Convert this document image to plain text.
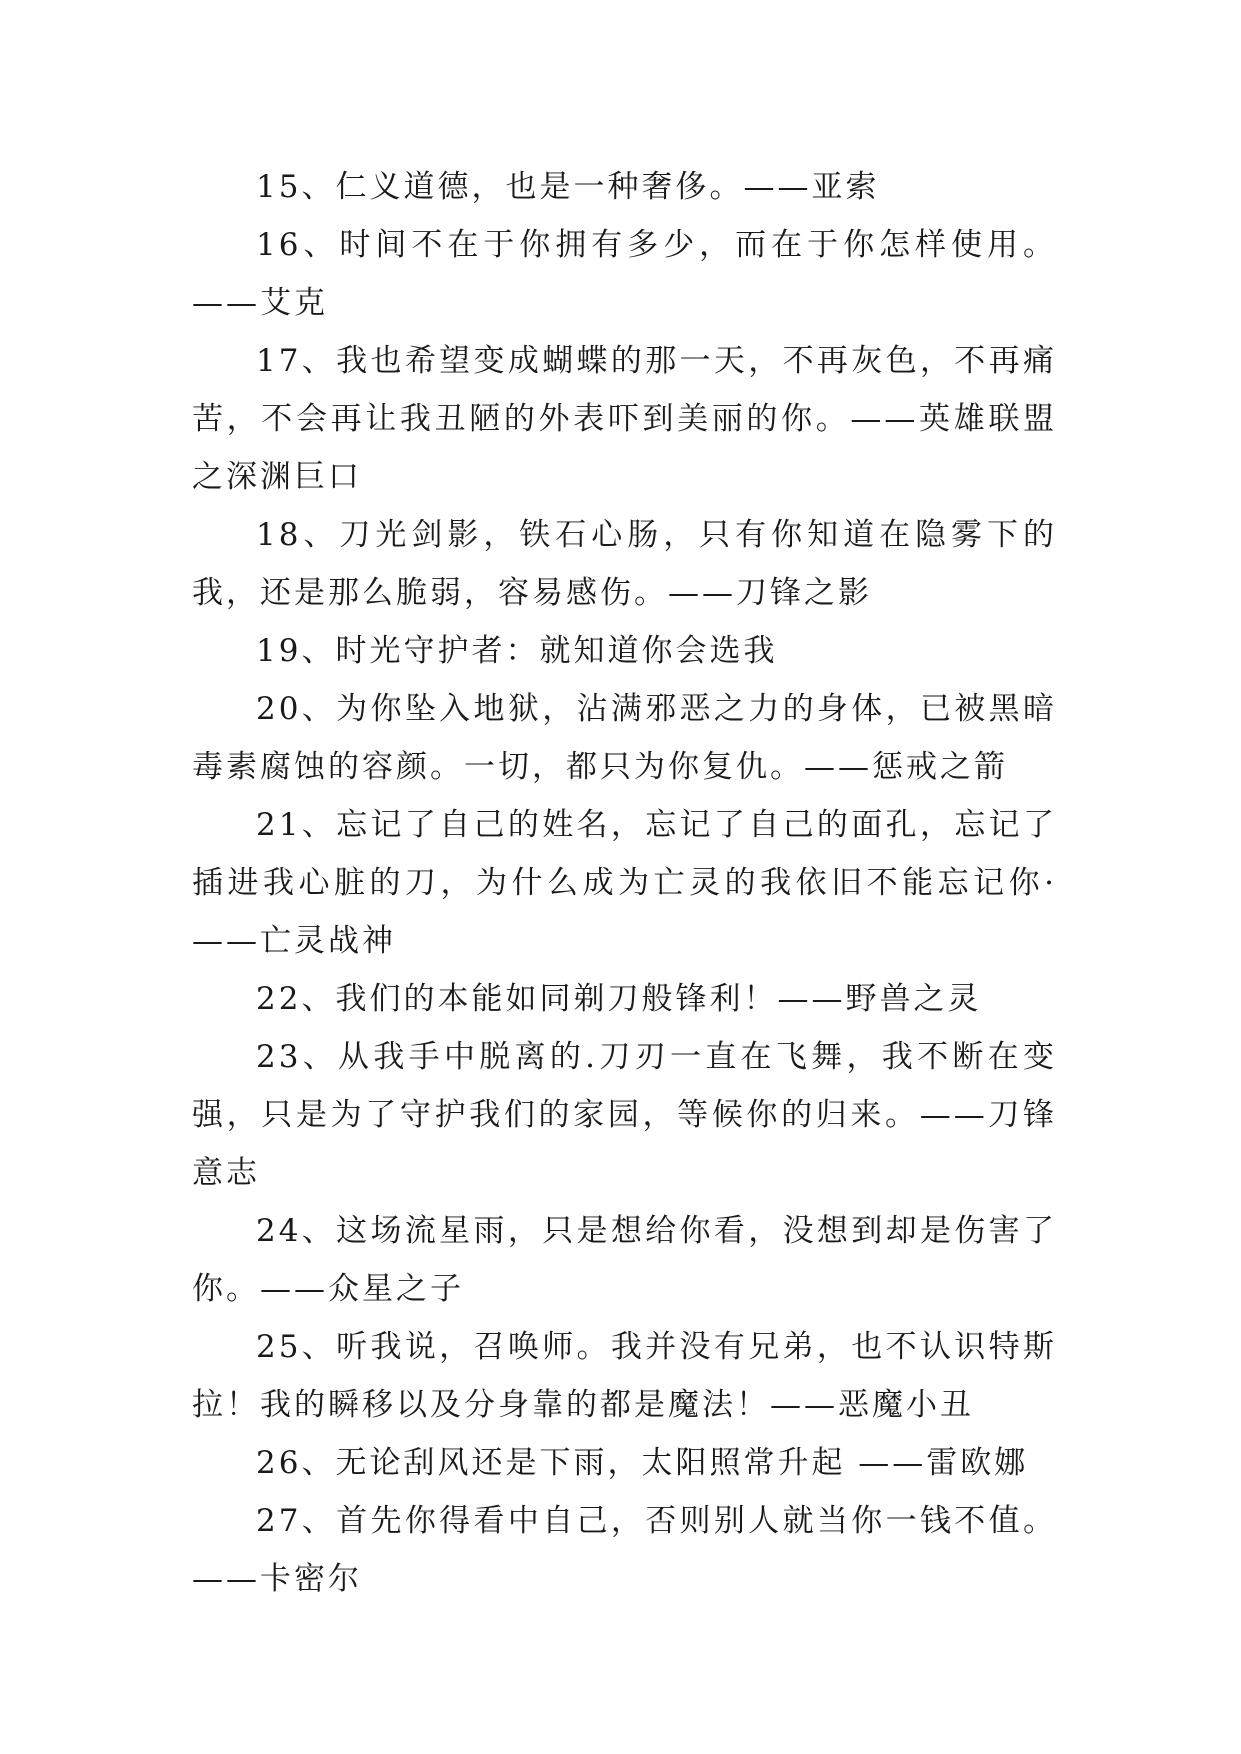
15、仁义道德，也是一种奢侈。——亚索

16、时间不在于你拥有多少，而在于你怎样使用。——艾克

17、我也希望变成蝴蝶的那一天，不再灰色，不再痛苦，不会再让我丑陋的外表吓到美丽的你。——英雄联盟之深渊巨口

18、刀光剑影，铁石心肠，只有你知道在隐雾下的我，还是那么脆弱，容易感伤。——刀锋之影

19、时光守护者：就知道你会选我

20、为你坠入地狱，沾满邪恶之力的身体，已被黑暗毒素腐蚀的容颜。一切，都只为你复仇。——惩戒之箭

21、忘记了自己的姓名，忘记了自己的面孔，忘记了插进我心脏的刀，为什么成为亡灵的我依旧不能忘记你·——亡灵战神

22、我们的本能如同剃刀般锋利！——野兽之灵

23、从我手中脱离的.刀刃一直在飞舞，我不断在变强，只是为了守护我们的家园，等候你的归来。——刀锋意志

24、这场流星雨，只是想给你看，没想到却是伤害了你。——众星之子

25、听我说，召唤师。我并没有兄弟，也不认识特斯拉！我的瞬移以及分身靠的都是魔法！——恶魔小丑

26、无论刮风还是下雨，太阳照常升起 ——雷欧娜

27、首先你得看中自己，否则别人就当你一钱不值。——卡密尔
